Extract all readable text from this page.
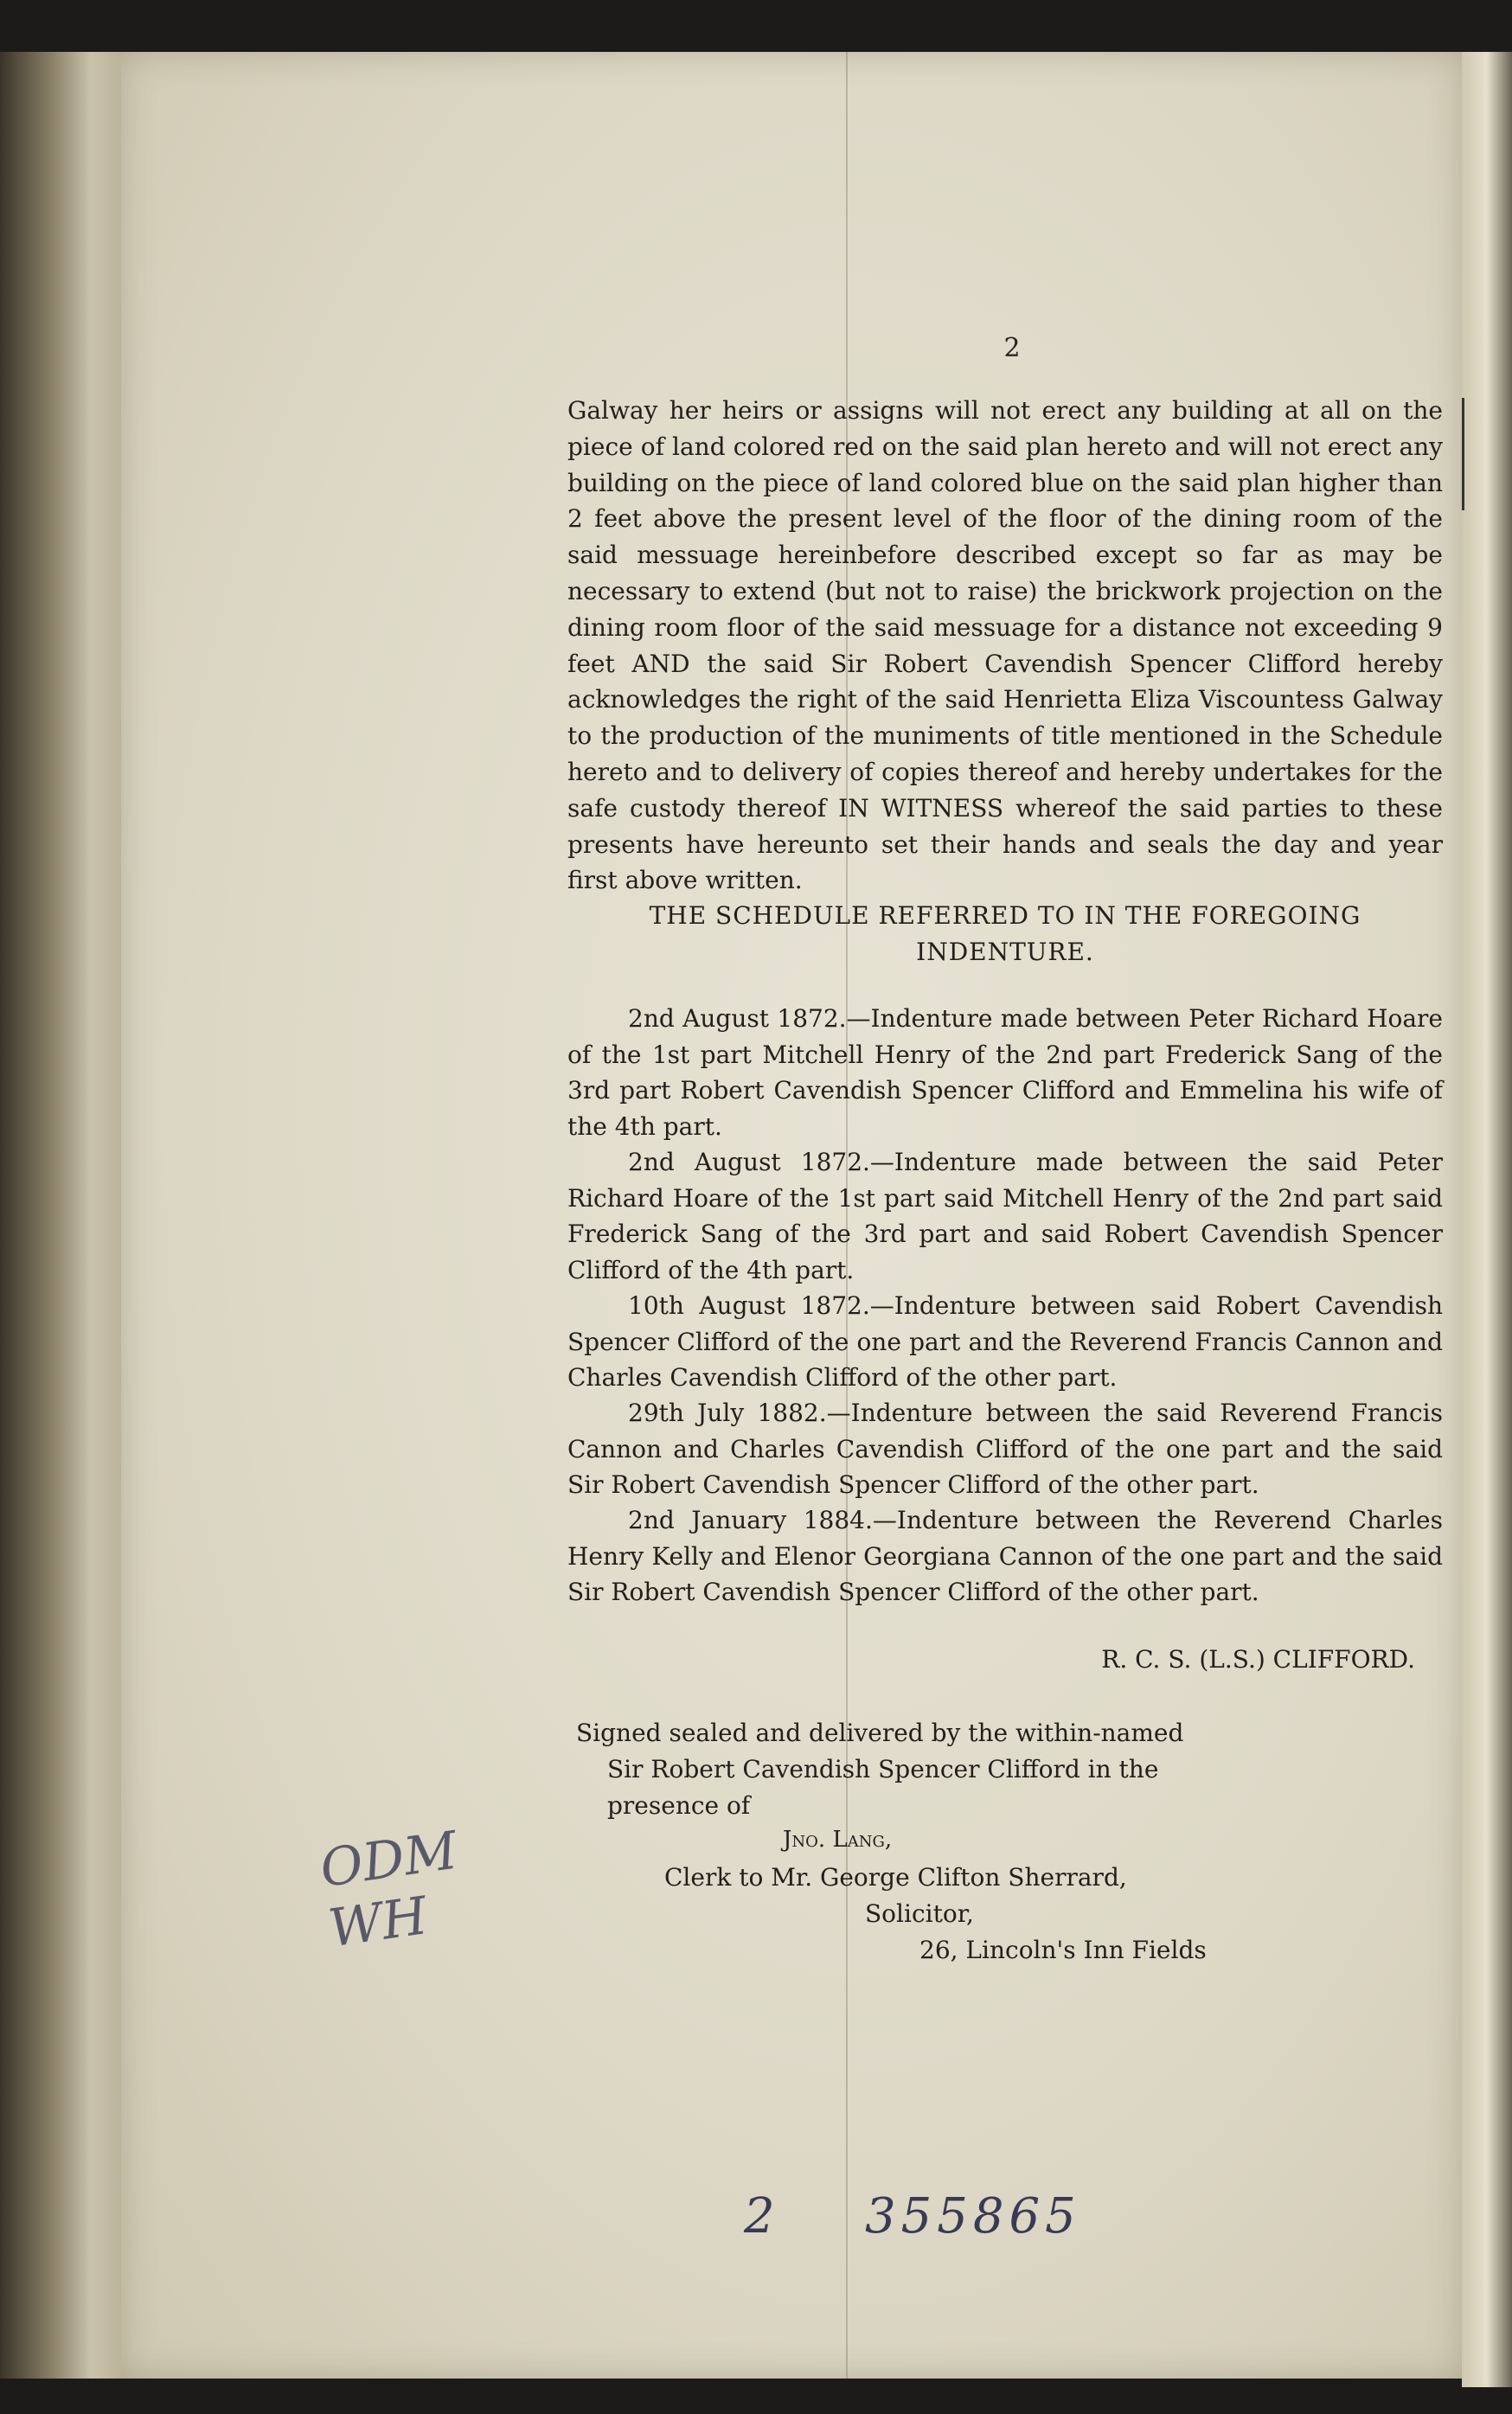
2

Galway her heirs or assigns will not erect any building at all on the piece of land colored red on the said plan hereto and will not erect any building on the piece of land colored blue on the said plan higher than 2 feet above the present level of the floor of the dining room of the said messuage hereinbefore described except so far as may be necessary to extend (but not to raise) the brickwork projection on the dining room floor of the said messuage for a distance not exceeding 9 feet AND the said Sir Robert Cavendish Spencer Clifford hereby acknowledges the right of the said Henrietta Eliza Viscountess Galway to the production of the muniments of title mentioned in the Schedule hereto and to delivery of copies thereof and hereby undertakes for the safe custody thereof IN WITNESS whereof the said parties to these presents have hereunto set their hands and seals the day and year first above written.

THE SCHEDULE REFERRED TO IN THE FOREGOING
INDENTURE.

2nd August 1872.—Indenture made between Peter Richard Hoare of the 1st part Mitchell Henry of the 2nd part Frederick Sang of the 3rd part Robert Cavendish Spencer Clifford and Emmelina his wife of the 4th part.

2nd August 1872.—Indenture made between the said Peter Richard Hoare of the 1st part said Mitchell Henry of the 2nd part said Frederick Sang of the 3rd part and said Robert Cavendish Spencer Clifford of the 4th part.

10th August 1872.—Indenture between said Robert Cavendish Spencer Clifford of the one part and the Reverend Francis Cannon and Charles Cavendish Clifford of the other part.

29th July 1882.—Indenture between the said Reverend Francis Cannon and Charles Cavendish Clifford of the one part and the said Sir Robert Cavendish Spencer Clifford of the other part.

2nd January 1884.—Indenture between the Reverend Charles Henry Kelly and Elenor Georgiana Cannon of the one part and the said Sir Robert Cavendish Spencer Clifford of the other part.

R. C. S. (L.S.) CLIFFORD.

Signed sealed and delivered by the within-named
Sir Robert Cavendish Spencer Clifford in the
presence of
Jno. Lang,
Clerk to Mr. George Clifton Sherrard,
Solicitor,
26, Lincoln's Inn Fields
ODM
WH
2 355865
